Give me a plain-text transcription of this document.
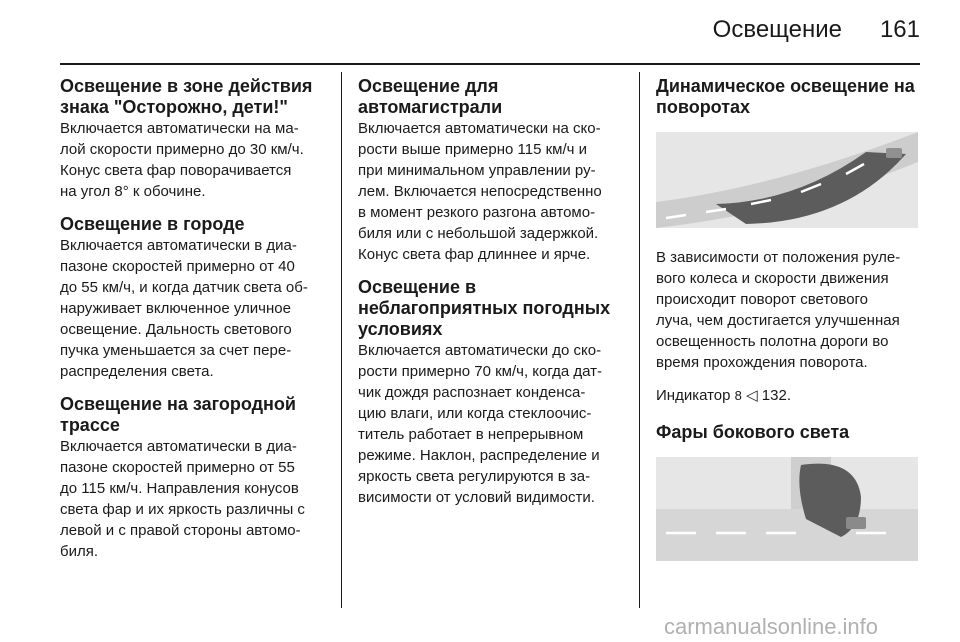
Освещение 161
Освещение в зоне действия знака "Осторожно, дети!"

Включается автоматически на ма-
лой скорости примерно до 30 км/ч.
Конус света фар поворачивается
на угол 8° к обочине.

Освещение в городе

Включается автоматически в диа-
пазоне скоростей примерно от 40
до 55 км/ч, и когда датчик света об-
наруживает включенное уличное
освещение. Дальность светового
пучка уменьшается за счет пере-
распределения света.

Освещение на загородной трассе

Включается автоматически в диа-
пазоне скоростей примерно от 55
до 115 км/ч. Направления конусов
света фар и их яркость различны с
левой и с правой стороны автомо-
биля.

Освещение для автомагистрали

Включается автоматически на ско-
рости выше примерно 115 км/ч и
при минимальном управлении ру-
лем. Включается непосредственно
в момент резкого разгона автомо-
биля или с небольшой задержкой.
Конус света фар длиннее и ярче.

Освещение в неблагоприятных погодных условиях

Включается автоматически до ско-
рости примерно 70 км/ч, когда дат-
чик дождя распознает конденса-
цию влаги, или когда стеклоочис-
титель работает в непрерывном
режиме. Наклон, распределение и
яркость света регулируются в за-
висимости от условий видимости.

Динамическое освещение на поворотах

В зависимости от положения руле-
вого колеса и скорости движения
происходит поворот светового
луча, чем достигается улучшенная
освещенность полотна дороги во
время прохождения поворота.

Индикатор 8 ◁ 132.

Фары бокового света
carmanualsonline.info
